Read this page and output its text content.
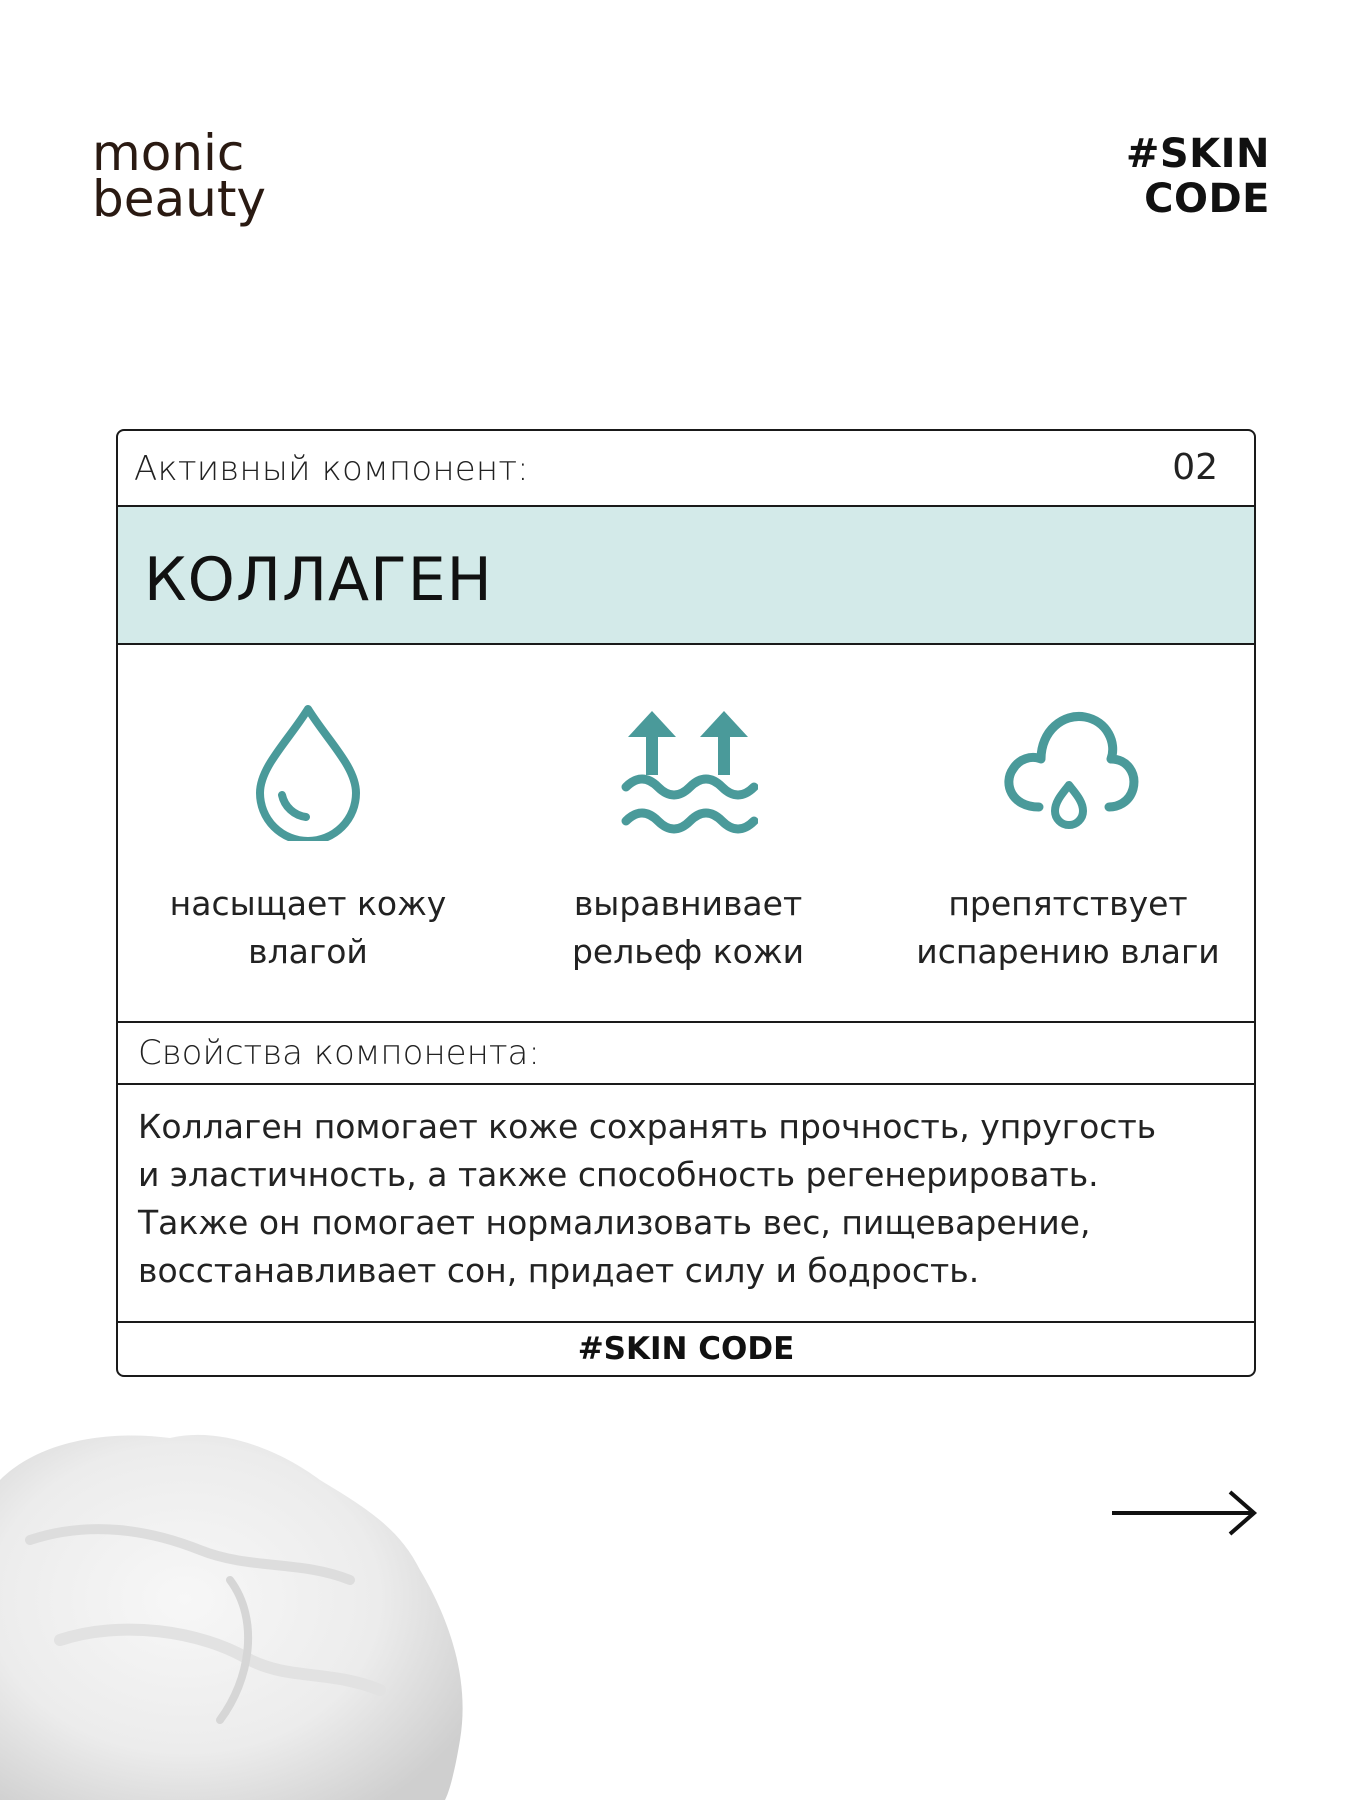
monic
beauty
#SKIN
CODE
Активный компонент:	02
КОЛЛАГЕН
насыщает кожу
влагой
выравнивает
рельеф кожи
препятствует
испарению влаги
Свойства компонента:
Коллаген помогает коже сохранять прочность, упругость
и эластичность, а также способность регенерировать.
Также он помогает нормализовать вес, пищеварение,
восстанавливает сон, придает силу и бодрость.
#SKIN CODE
